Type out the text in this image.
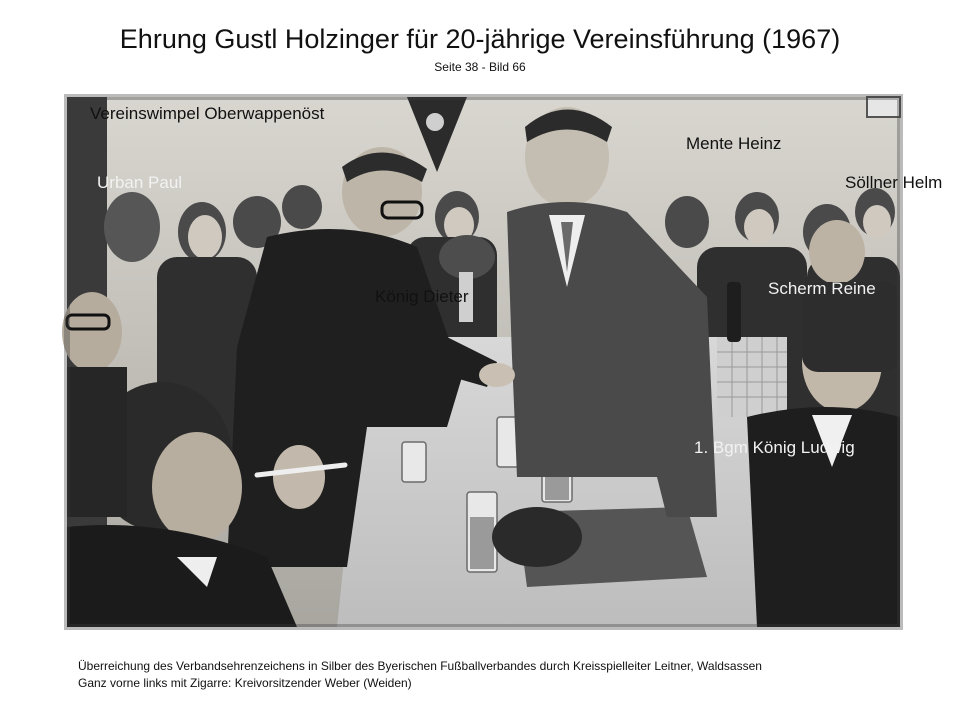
Ehrung Gustl Holzinger für 20-jährige Vereinsführung (1967)
Seite 38 - Bild 66
Vereinswimpel Oberwappenöst
Mente Heinz
Urban Paul	Söllner Helm
König Dieter	Scherm Reine
1. Bgm König Ludwig
Überreichung des Verbandsehrenzeichens in Silber des Byerischen Fußballverbandes durch Kreisspielleiter Leitner, Waldsassen
Ganz vorne links mit Zigarre: Kreivorsitzender Weber (Weiden)
